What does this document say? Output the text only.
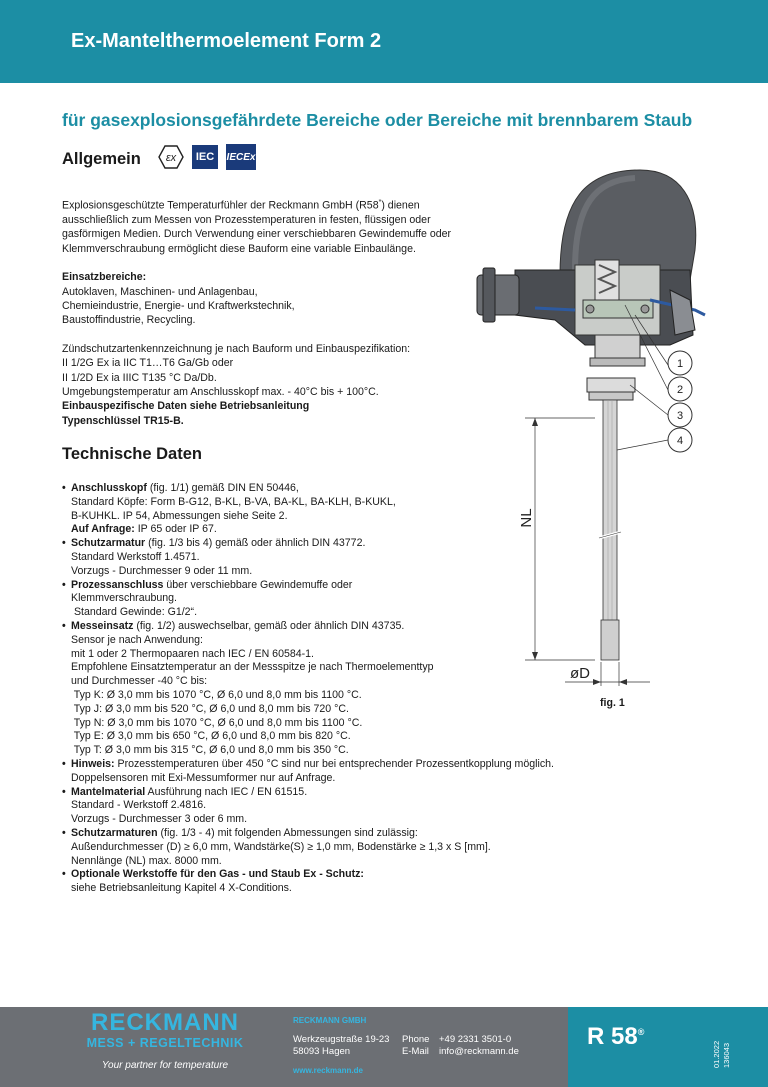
Ex-Mantelthermoelement Form 2
für gasexplosionsgefährdete Bereiche oder Bereiche mit brennbarem Staub
Allgemein εx	IEC	IECEx

Explosionsgeschützte Temperaturfühler der Reckmann GmbH (R58*) dienen ausschließlich zum Messen von Prozesstemperaturen in festen, flüssigen oder gasförmigen Medien. Durch Verwendung einer verschiebbaren Gewindemuffe oder Klemmverschraubung ermöglicht diese Bauform eine variable Einbaulänge.

Einsatzbereiche:
Autoklaven, Maschinen- und Anlagenbau,
Chemieindustrie, Energie- und Kraftwerkstechnik,
Baustoffindustrie, Recycling.

Zündschutzartenkennzeichnung je nach Bauform und Einbauspezifikation:
II 1/2G Ex ia IIC T1…T6 Ga/Gb oder
II 1/2D Ex ia IIIC T135 °C Da/Db.
Umgebungstemperatur am Anschlusskopf max. - 40°C bis + 100°C.
Einbauspezifische Daten siehe Betriebsanleitung
Typenschlüssel TR15-B.

Technische Daten
• Anschlusskopf (fig. 1/1) gemäß DIN EN 50446,
Standard Köpfe: Form B-G12, B-KL, B-VA, BA-KL, BA-KLH, B-KUKL,
B-KUHKL. IP 54, Abmessungen siehe Seite 2.
Auf Anfrage: IP 65 oder IP 67.
• Schutzarmatur (fig. 1/3 bis 4) gemäß oder ähnlich DIN 43772.
Standard Werkstoff 1.4571.
Vorzugs - Durchmesser 9 oder 11 mm.
• Prozessanschluss über verschiebbare Gewindemuffe oder
Klemmverschraubung.
Standard Gewinde: G1/2“.
• Messeinsatz (fig. 1/2) auswechselbar, gemäß oder ähnlich DIN 43735.
Sensor je nach Anwendung:
mit 1 oder 2 Thermopaaren nach IEC / EN 60584-1.
Empfohlene Einsatztemperatur an der Messspitze je nach Thermoelementtyp
und Durchmesser -40 °C bis:
Typ K: Ø 3,0 mm bis 1070 °C, Ø 6,0 und 8,0 mm bis 1100 °C.
Typ J: Ø 3,0 mm bis 520 °C, Ø 6,0 und 8,0 mm bis 720 °C.
Typ N: Ø 3,0 mm bis 1070 °C, Ø 6,0 und 8,0 mm bis 1100 °C.
Typ E: Ø 3,0 mm bis 650 °C, Ø 6,0 und 8,0 mm bis 820 °C.
Typ T: Ø 3,0 mm bis 315 °C, Ø 6,0 und 8,0 mm bis 350 °C.
• Hinweis: Prozesstemperaturen über 450 °C sind nur bei entsprechender Prozessentkopplung möglich.
Doppelsensoren mit Exi-Messumformer nur auf Anfrage.
• Mantelmaterial Ausführung nach IEC / EN 61515.
Standard - Werkstoff 2.4816.
Vorzugs - Durchmesser 3 oder 6 mm.
• Schutzarmaturen (fig. 1/3 - 4) mit folgenden Abmessungen sind zulässig:
Außendurchmesser (D) ≥ 6,0 mm, Wandstärke(S) ≥ 1,0 mm, Bodenstärke ≥ 1,3 x S [mm].
Nennlänge (NL) max. 8000 mm.
• Optionale Werkstoffe für den Gas - und Staub Ex - Schutz:
siehe Betriebsanleitung Kapitel 4 X-Conditions.
NL
øD
1
2
3
4
fig. 1
RECKMANN
MESS + REGELTECHNIK
Your partner for temperature
RECKMANN GMBH
Werkzeugstraße 19-23
58093 Hagen
Phone +49 2331 3501-0
E-Mail info@reckmann.de
www.reckmann.de
R 58®
01.2022 136043
